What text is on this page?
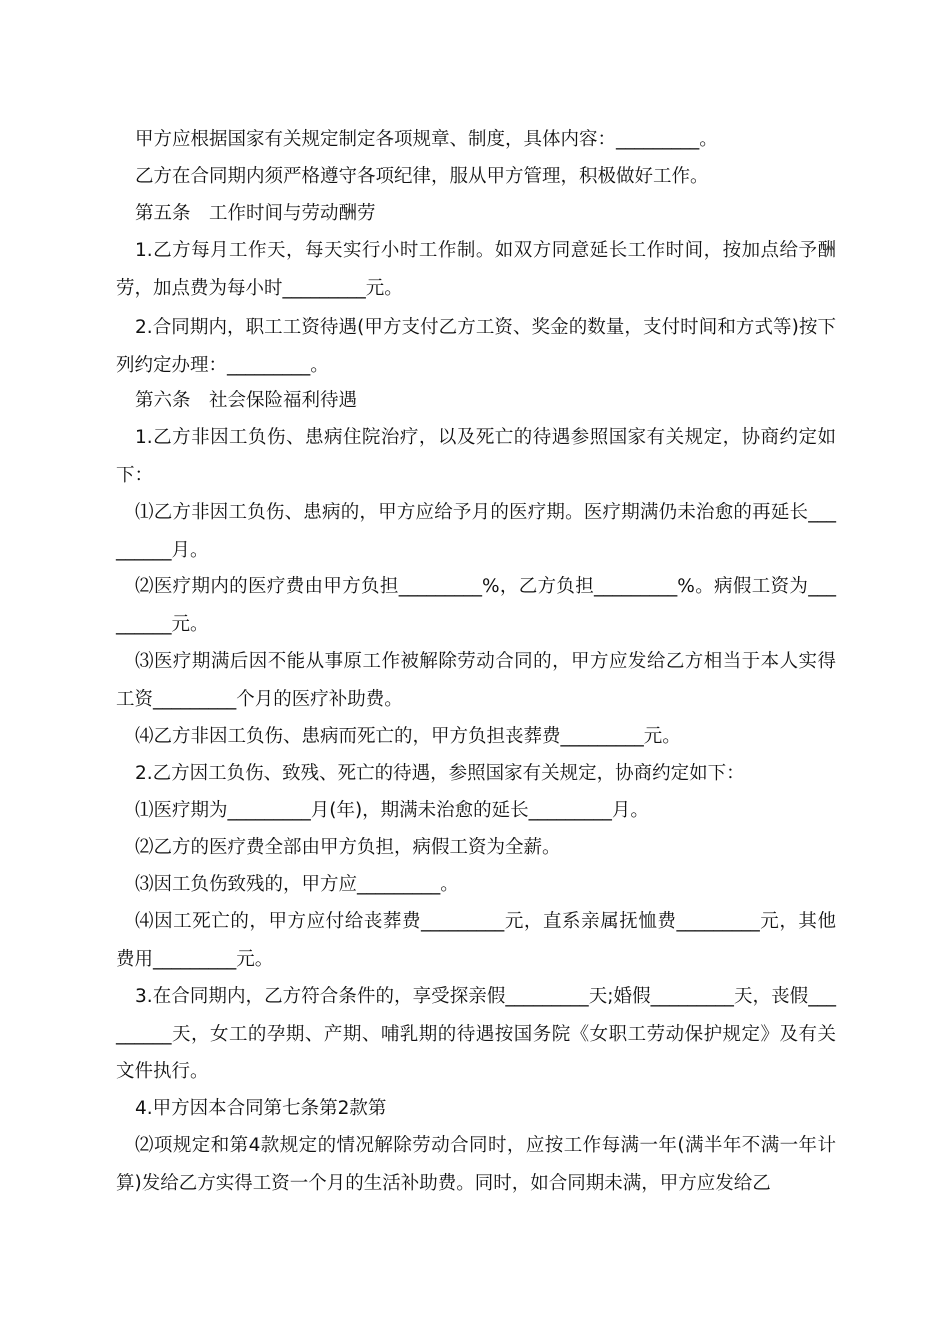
甲方应根据国家有关规定制定各项规章、制度，具体内容：_________。

乙方在合同期内须严格遵守各项纪律，服从甲方管理，积极做好工作。

第五条　工作时间与劳动酬劳

1.乙方每月工作天，每天实行小时工作制。如双方同意延长工作时间，按加点给予酬劳，加点费为每小时_________元。

2.合同期内，职工工资待遇(甲方支付乙方工资、奖金的数量，支付时间和方式等)按下列约定办理：_________。

第六条　社会保险福利待遇

1.乙方非因工负伤、患病住院治疗，以及死亡的待遇参照国家有关规定，协商约定如下：

⑴乙方非因工负伤、患病的，甲方应给予月的医疗期。医疗期满仍未治愈的再延长_________月。

⑵医疗期内的医疗费由甲方负担_________%，乙方负担_________%。病假工资为_________元。

⑶医疗期满后因不能从事原工作被解除劳动合同的，甲方应发给乙方相当于本人实得工资_________个月的医疗补助费。

⑷乙方非因工负伤、患病而死亡的，甲方负担丧葬费_________元。

2.乙方因工负伤、致残、死亡的待遇，参照国家有关规定，协商约定如下：

⑴医疗期为_________月(年)，期满未治愈的延长_________月。

⑵乙方的医疗费全部由甲方负担，病假工资为全薪。

⑶因工负伤致残的，甲方应_________。

⑷因工死亡的，甲方应付给丧葬费_________元，直系亲属抚恤费_________元，其他费用_________元。

3.在合同期内，乙方符合条件的，享受探亲假_________天;婚假_________天，丧假_________天，女工的孕期、产期、哺乳期的待遇按国务院《女职工劳动保护规定》及有关文件执行。

4.甲方因本合同第七条第2款第

⑵项规定和第4款规定的情况解除劳动合同时，应按工作每满一年(满半年不满一年计算)发给乙方实得工资一个月的生活补助费。同时，如合同期未满，甲方应发给乙
